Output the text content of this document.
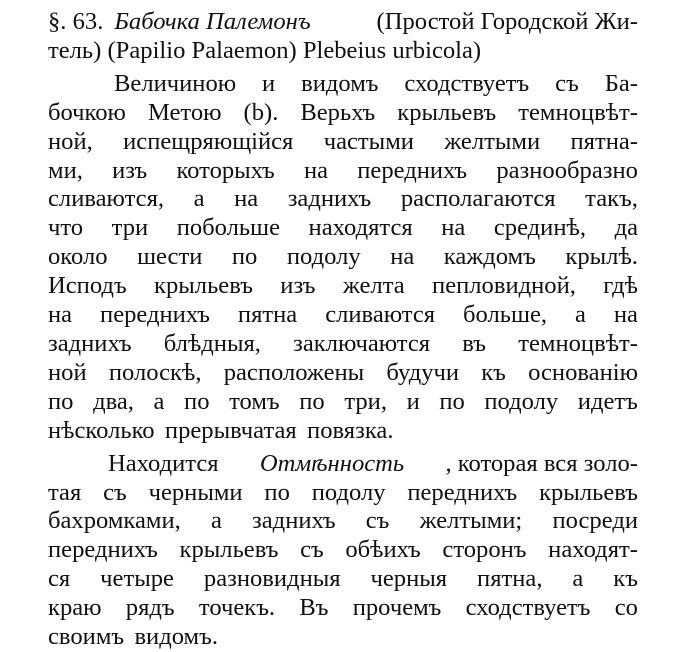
§. 63. Бабочка Палемонъ	(Простой Городской Жи-
тель) (Papilio Palaemon) Plebeius urbicola)
Величиною и видомъ сходствуетъ съ Ба-
бочкою Метою (b). Верьхъ крыльевъ темноцвѣт-
ной, испещряющійся частыми желтыми пятна-
ми, изъ которыхъ на переднихъ разнообразно
сливаются, а на заднихъ располагаются такъ,
что три побольше находятся на срединѣ, да
около шести по подолу на каждомъ крылѣ.
Исподъ крыльевъ изъ желта пепловидной, гдѣ
на переднихъ пятна сливаются больше, а на
заднихъ блѣдныя, заключаются въ темноцвѣт-
ной полоскѣ, расположены будучи къ основанію
по два, а по томъ по три, и по подолу идетъ
нѣсколько прерывчатая повязка.
Находится Отмѣнность , которая вся золо-
тая съ черными по подолу переднихъ крыльевъ
бахромками, а заднихъ съ желтыми; посреди
переднихъ крыльевъ съ обѣихъ сторонъ находят-
ся четыре разновидныя черныя пятна, а къ
краю рядъ точекъ. Въ прочемъ сходствуетъ со
своимъ видомъ.
